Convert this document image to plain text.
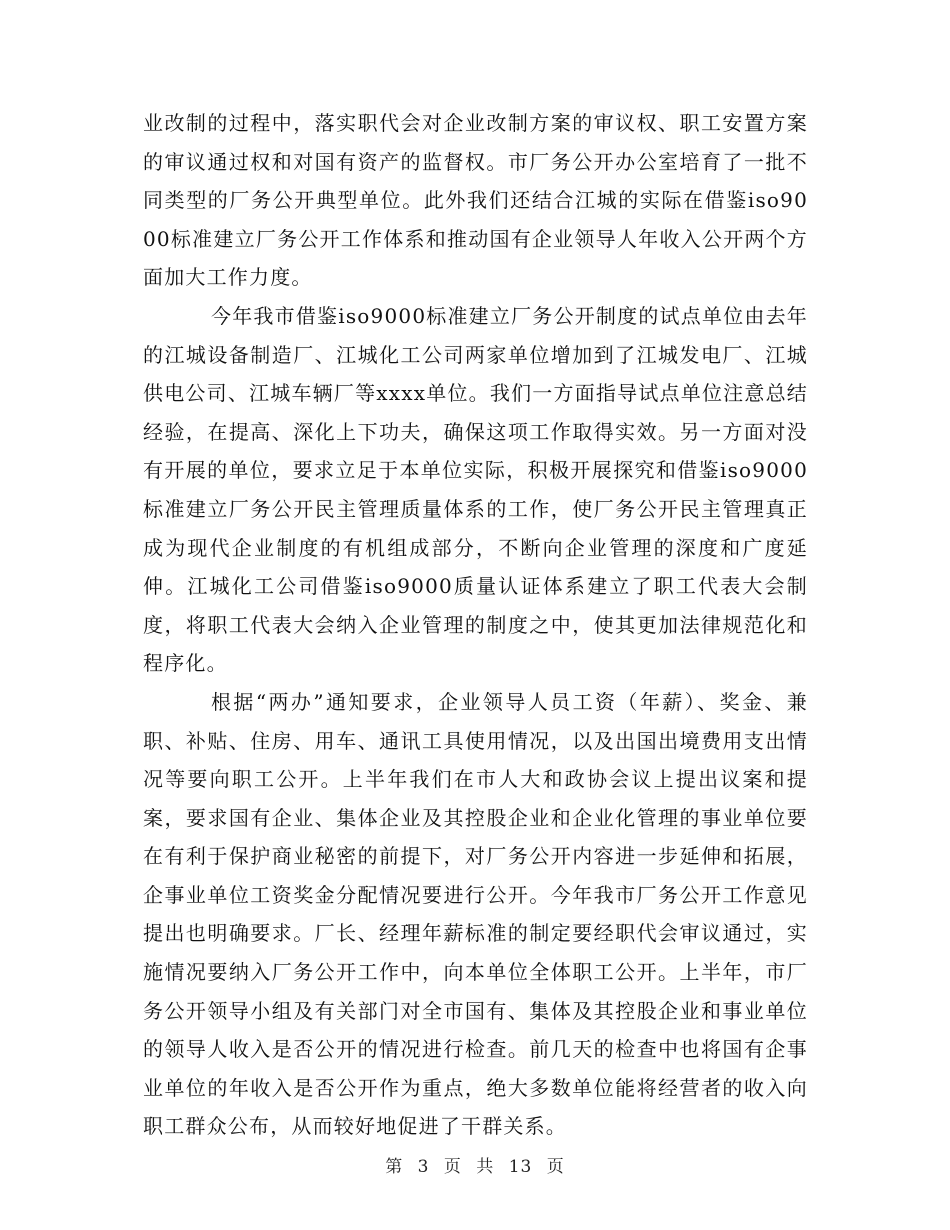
业改制的过程中，落实职代会对企业改制方案的审议权、职工安置方案的审议通过权和对国有资产的监督权。市厂务公开办公室培育了一批不同类型的厂务公开典型单位。此外我们还结合江城的实际在借鉴iso9000标准建立厂务公开工作体系和推动国有企业领导人年收入公开两个方面加大工作力度。

今年我市借鉴iso9000标准建立厂务公开制度的试点单位由去年的江城设备制造厂、江城化工公司两家单位增加到了江城发电厂、江城供电公司、江城车辆厂等xxxx单位。我们一方面指导试点单位注意总结经验，在提高、深化上下功夫，确保这项工作取得实效。另一方面对没有开展的单位，要求立足于本单位实际，积极开展探究和借鉴iso9000标准建立厂务公开民主管理质量体系的工作，使厂务公开民主管理真正成为现代企业制度的有机组成部分，不断向企业管理的深度和广度延伸。江城化工公司借鉴iso9000质量认证体系建立了职工代表大会制度，将职工代表大会纳入企业管理的制度之中，使其更加法律规范化和程序化。

根据“两办”通知要求，企业领导人员工资（年薪）、奖金、兼职、补贴、住房、用车、通讯工具使用情况，以及出国出境费用支出情况等要向职工公开。上半年我们在市人大和政协会议上提出议案和提案，要求国有企业、集体企业及其控股企业和企业化管理的事业单位要在有利于保护商业秘密的前提下，对厂务公开内容进一步延伸和拓展，企事业单位工资奖金分配情况要进行公开。今年我市厂务公开工作意见提出也明确要求。厂长、经理年薪标准的制定要经职代会审议通过，实施情况要纳入厂务公开工作中，向本单位全体职工公开。上半年，市厂务公开领导小组及有关部门对全市国有、集体及其控股企业和事业单位的领导人收入是否公开的情况进行检查。前几天的检查中也将国有企事业单位的年收入是否公开作为重点，绝大多数单位能将经营者的收入向职工群众公布，从而较好地促进了干群关系。

第 3 页 共 13 页
